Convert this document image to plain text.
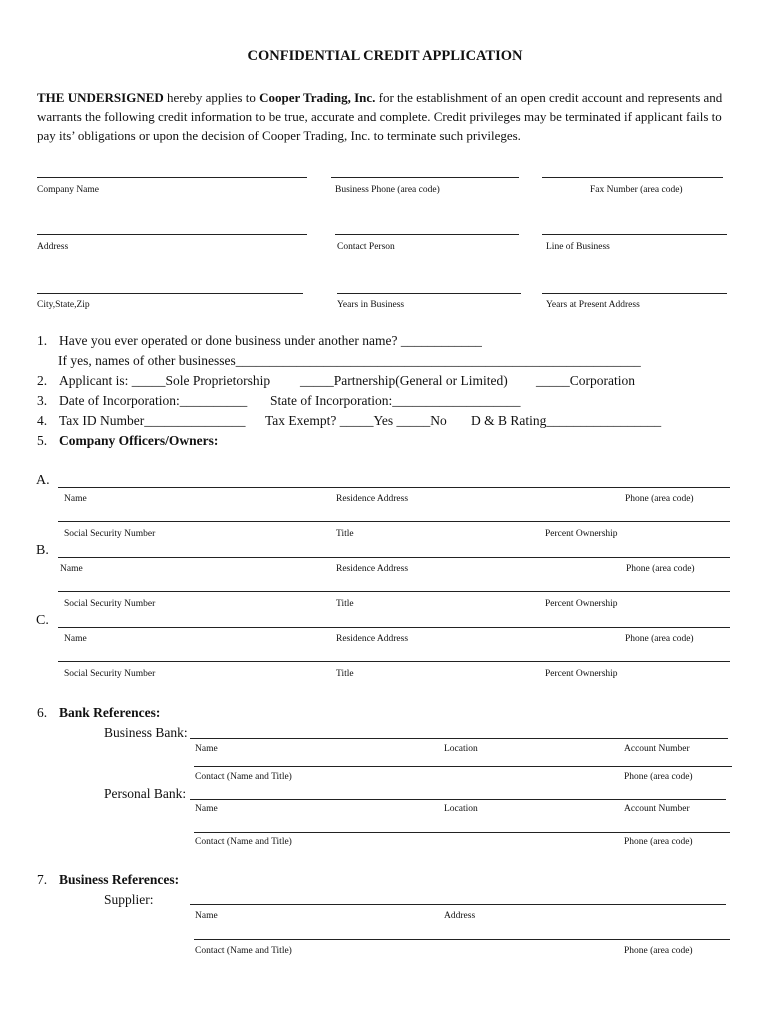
CONFIDENTIAL CREDIT APPLICATION
THE UNDERSIGNED hereby applies to Cooper Trading, Inc. for the establishment of an open credit account and represents and warrants the following credit information to be true, accurate and complete. Credit privileges may be terminated if applicant fails to pay its’ obligations or upon the decision of Cooper Trading, Inc. to terminate such privileges.
Company Name	Business Phone (area code)	Fax Number (area code)
Address	Contact Person	Line of Business
City,State,Zip	Years in Business	Years at Present Address
1. Have you ever operated or done business under another name? ____________
If yes, names of other businesses____________________________________________________________
2. Applicant is: _____Sole Proprietorship _____Partnership(General or Limited) _____Corporation
3. Date of Incorporation:__________ State of Incorporation:___________________
4. Tax ID Number_______________ Tax Exempt? _____Yes _____No D & B Rating_________________
5. Company Officers/Owners:
A.
Name	Residence Address	Phone (area code)
Social Security Number	Title	Percent Ownership
B.
Name	Residence Address	Phone (area code)
Social Security Number	Title	Percent Ownership
C.
Name	Residence Address	Phone (area code)
Social Security Number	Title	Percent Ownership
6. Bank References:
Business Bank:
Name	Location	Account Number
Contact (Name and Title)	Phone (area code)
Personal Bank:
Name	Location	Account Number
Contact (Name and Title)	Phone (area code)
7. Business References:
Supplier:
Name	Address
Contact (Name and Title)	Phone (area code)
